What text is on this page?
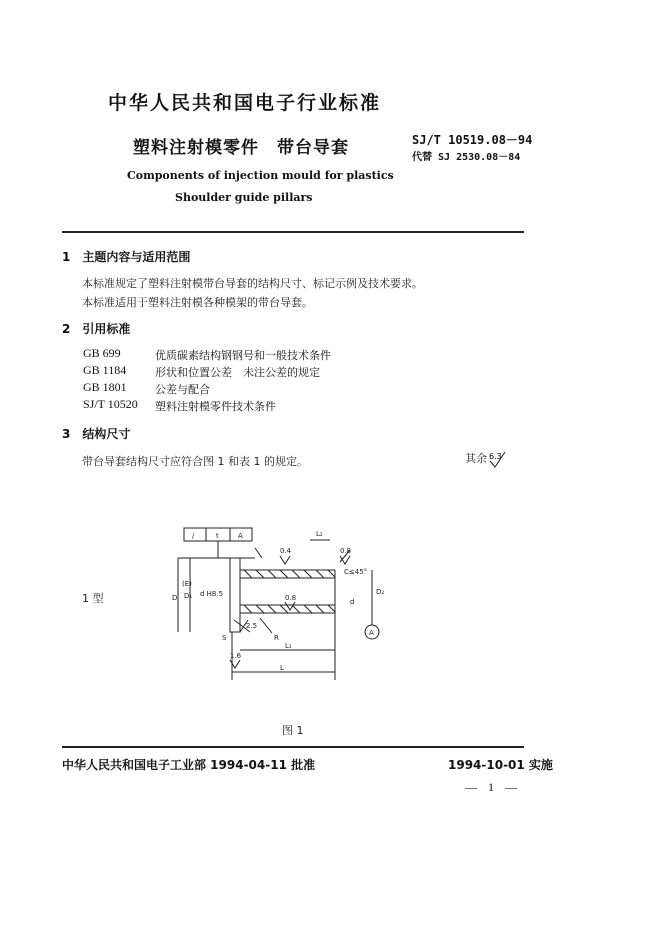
中华人民共和国电子行业标准
塑料注射模零件　带台导套	SJ/T 10519.08－94
代替 SJ 2530.08－84
Components of injection mould for plastics
Shoulder guide pillars
1　主题内容与适用范围
本标准规定了塑料注射模带台导套的结构尺寸、标记示例及技术要求。
本标准适用于塑料注射模各种模架的带台导套。
2　引用标准
GB 699	优质碳素结构钢钢号和一般技术条件
GB 1184	形状和位置公差　未注公差的规定
GB 1801	公差与配合
SJ/T 10520 塑料注射模零件技术条件
3　结构尺寸
带台导套结构尺寸应符合图 1 和表 1 的规定。	其余 6.3
1 型
/	t	A
0.4	0.8
0.8
1.6
C≤45°
L₂
D D₁
(E)
d H8.5	D₂
d
R
S
2.5
L₁
L
A
图 1
中华人民共和国电子工业部 1994-04-11 批准	1994-10-01 实施
— 1 —
